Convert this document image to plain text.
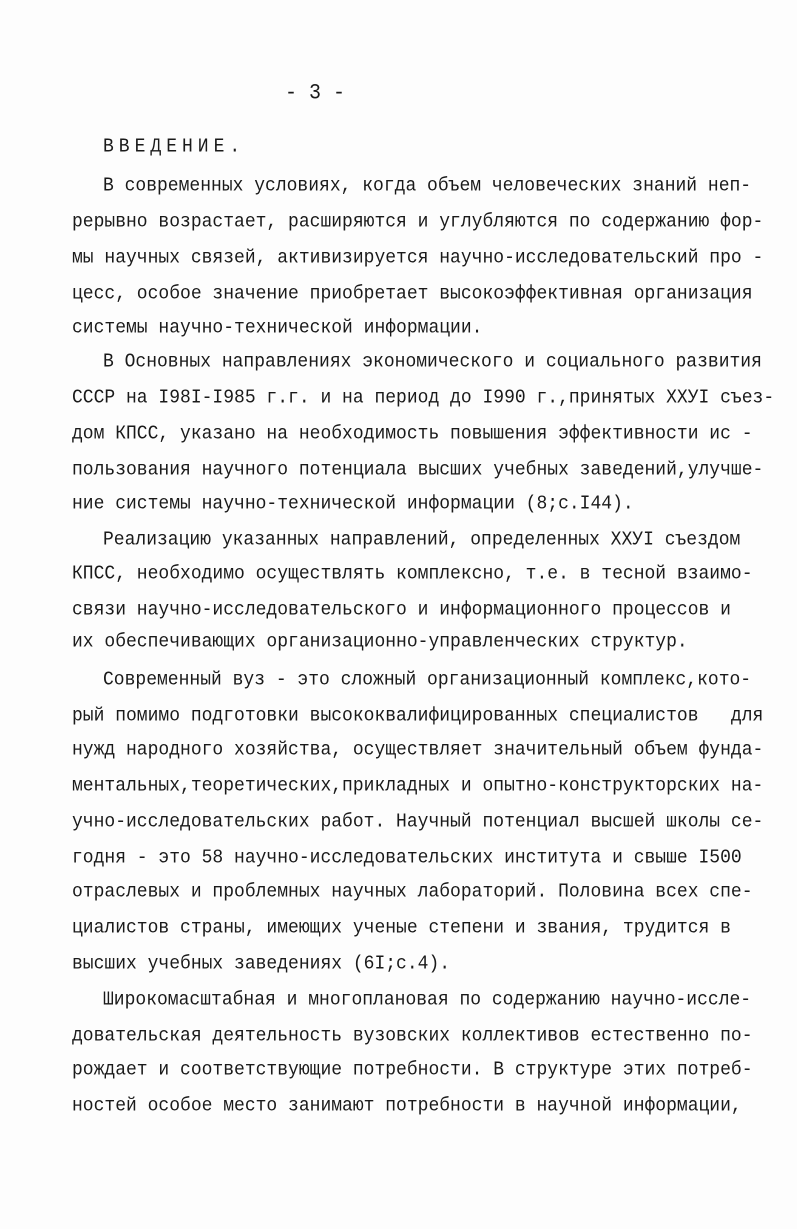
- 3 -
ВВЕДЕНИЕ.
В современных условиях, когда объем человеческих знаний неп-
рерывно возрастает, расширяются и углубляются по содержанию фор-
мы научных связей, активизируется научно-исследовательский про -
цесс, особое значение приобретает высокоэффективная организация
системы научно-технической информации.
В Основных направлениях экономического и социального развития
СССР на I98I-I985 г.г. и на период до I990 г.,принятых ХХУI съез-
дом КПСС, указано на необходимость повышения эффективности ис -
пользования научного потенциала высших учебных заведений,улучше-
ние системы научно-технической информации (8;с.I44).
Реализацию указанных направлений, определенных ХХУI съездом
КПСС, необходимо осуществлять комплексно, т.е. в тесной взаимо-
связи научно-исследовательского и информационного процессов и
их обеспечивающих организационно-управленческих структур.
Современный вуз - это сложный организационный комплекс,кото-
рый помимо подготовки высококвалифицированных специалистов   для
нужд народного хозяйства, осуществляет значительный объем фунда-
ментальных,теоретических,прикладных и опытно-конструкторских на-
учно-исследовательских работ. Научный потенциал высшей школы се-
годня - это 58 научно-исследовательских института и свыше I500
отраслевых и проблемных научных лабораторий. Половина всех спе-
циалистов страны, имеющих ученые степени и звания, трудится в
высших учебных заведениях (6I;с.4).
Широкомасштабная и многоплановая по содержанию научно-иссле-
довательская деятельность вузовских коллективов естественно по-
рождает и соответствующие потребности. В структуре этих потреб-
ностей особое место занимают потребности в научной информации,
